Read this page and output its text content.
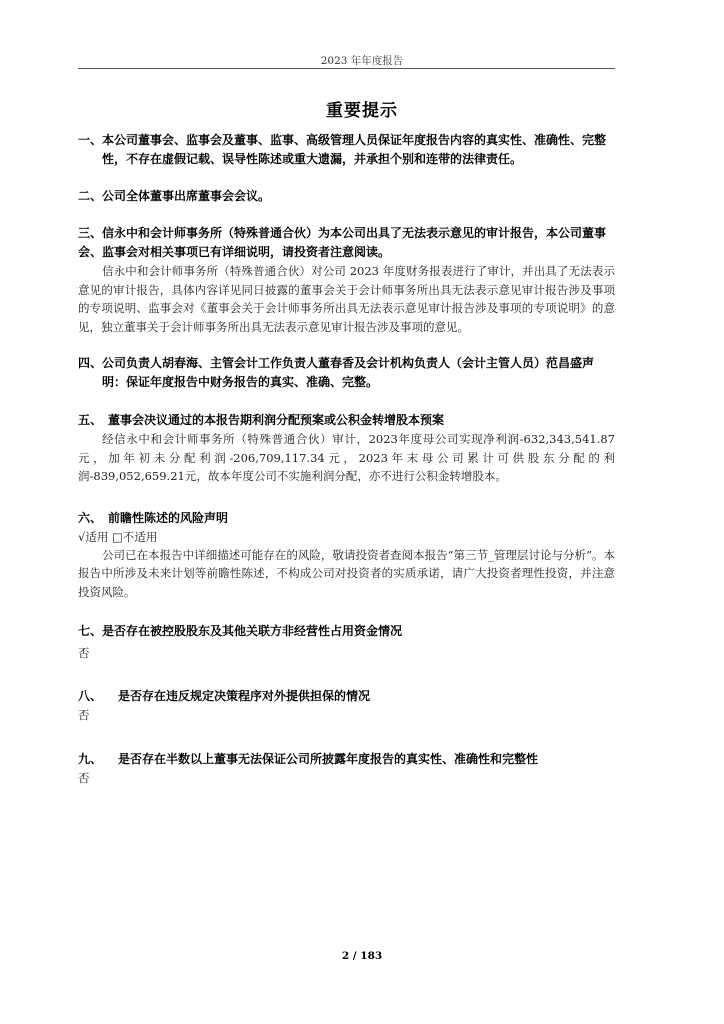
2023 年年度报告
重要提示
一、本公司董事会、监事会及董事、监事、高级管理人员保证年度报告内容的真实性、准确性、完整性，不存在虚假记载、误导性陈述或重大遗漏，并承担个别和连带的法律责任。
二、公司全体董事出席董事会会议。
三、信永中和会计师事务所（特殊普通合伙）为本公司出具了无法表示意见的审计报告，本公司董事会、监事会对相关事项已有详细说明，请投资者注意阅读。
信永中和会计师事务所（特殊普通合伙）对公司 2023 年度财务报表进行了审计，并出具了无法表示意见的审计报告，具体内容详见同日披露的董事会关于会计师事务所出具无法表示意见审计报告涉及事项的专项说明、监事会对《董事会关于会计师事务所出具无法表示意见审计报告涉及事项的专项说明》的意见，独立董事关于会计师事务所出具无法表示意见审计报告涉及事项的意见。
四、公司负责人胡春海、主管会计工作负责人董春香及会计机构负责人（会计主管人员）范昌盛声明：保证年度报告中财务报告的真实、准确、完整。
五、 董事会决议通过的本报告期利润分配预案或公积金转增股本预案
经信永中和会计师事务所（特殊普通合伙）审计，2023年度母公司实现净利润-632,343,541.87元，加年初未分配利润-206,709,117.34元，2023年末母公司累计可供股东分配的利润-839,052,659.21元，故本年度公司不实施利润分配，亦不进行公积金转增股本。
六、 前瞻性陈述的风险声明
√适用 □不适用
公司已在本报告中详细描述可能存在的风险，敬请投资者查阅本报告“第三节_管理层讨论与分析”。本报告中所涉及未来计划等前瞻性陈述，不构成公司对投资者的实质承诺，请广大投资者理性投资，并注意投资风险。
七、是否存在被控股股东及其他关联方非经营性占用资金情况
否
八、 是否存在违反规定决策程序对外提供担保的情况
否
九、 是否存在半数以上董事无法保证公司所披露年度报告的真实性、准确性和完整性
否
2 / 183
